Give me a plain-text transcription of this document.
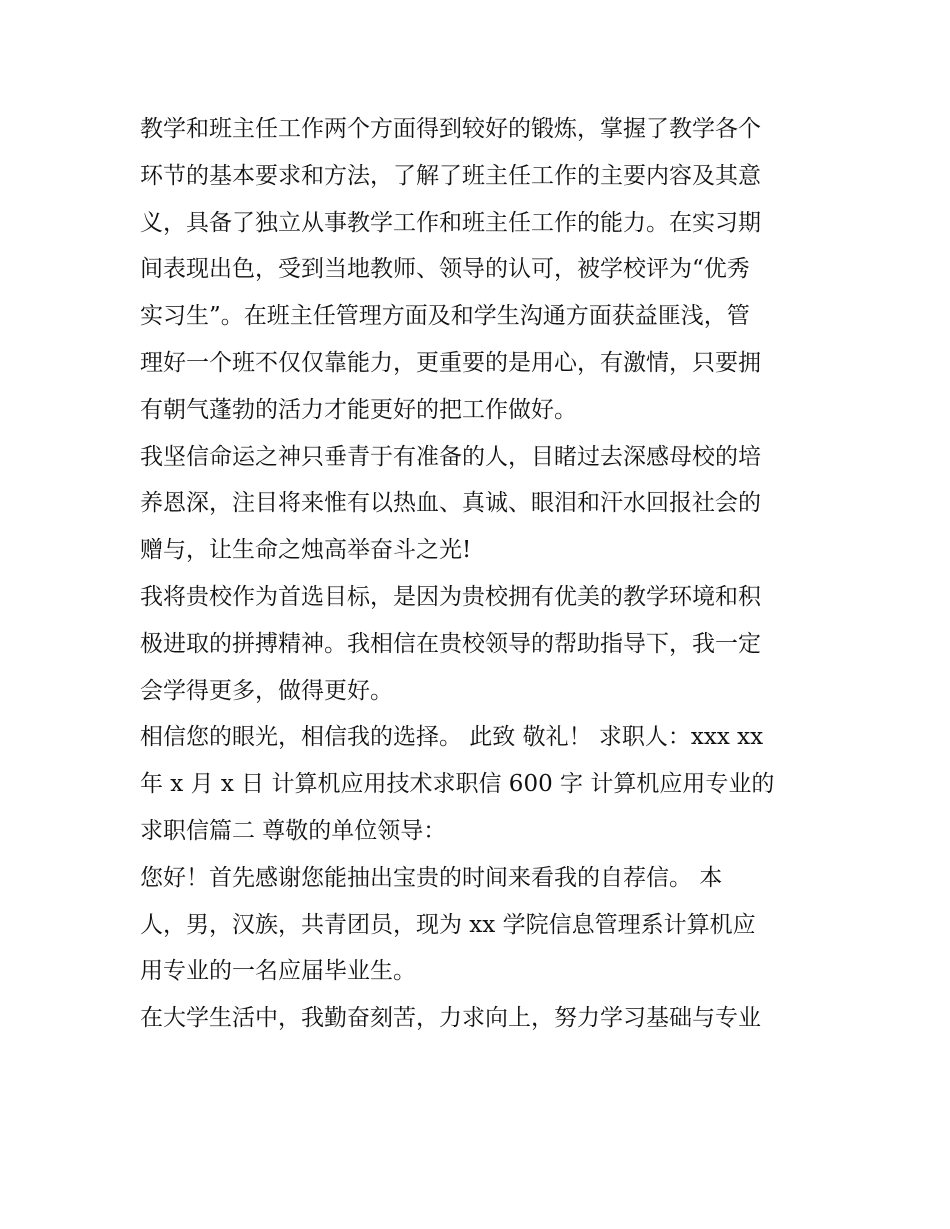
教学和班主任工作两个方面得到较好的锻炼，掌握了教学各个
环节的基本要求和方法，了解了班主任工作的主要内容及其意
义，具备了独立从事教学工作和班主任工作的能力。在实习期
间表现出色，受到当地教师、领导的认可，被学校评为“优秀
实习生”。在班主任管理方面及和学生沟通方面获益匪浅，管
理好一个班不仅仅靠能力，更重要的是用心，有激情，只要拥
有朝气蓬勃的活力才能更好的把工作做好。
我坚信命运之神只垂青于有准备的人，目睹过去深感母校的培
养恩深，注目将来惟有以热血、真诚、眼泪和汗水回报社会的
赠与，让生命之烛高举奋斗之光!
我将贵校作为首选目标，是因为贵校拥有优美的教学环境和积
极进取的拼搏精神。我相信在贵校领导的帮助指导下，我一定
会学得更多，做得更好。
相信您的眼光，相信我的选择。 此致 敬礼！ 求职人：xxx xx
年 x 月 x 日 计算机应用技术求职信 600 字 计算机应用专业的
求职信篇二 尊敬的单位领导：
您好！首先感谢您能抽出宝贵的时间来看我的自荐信。 本
人，男，汉族，共青团员，现为 xx 学院信息管理系计算机应
用专业的一名应届毕业生。
在大学生活中，我勤奋刻苦，力求向上，努力学习基础与专业
